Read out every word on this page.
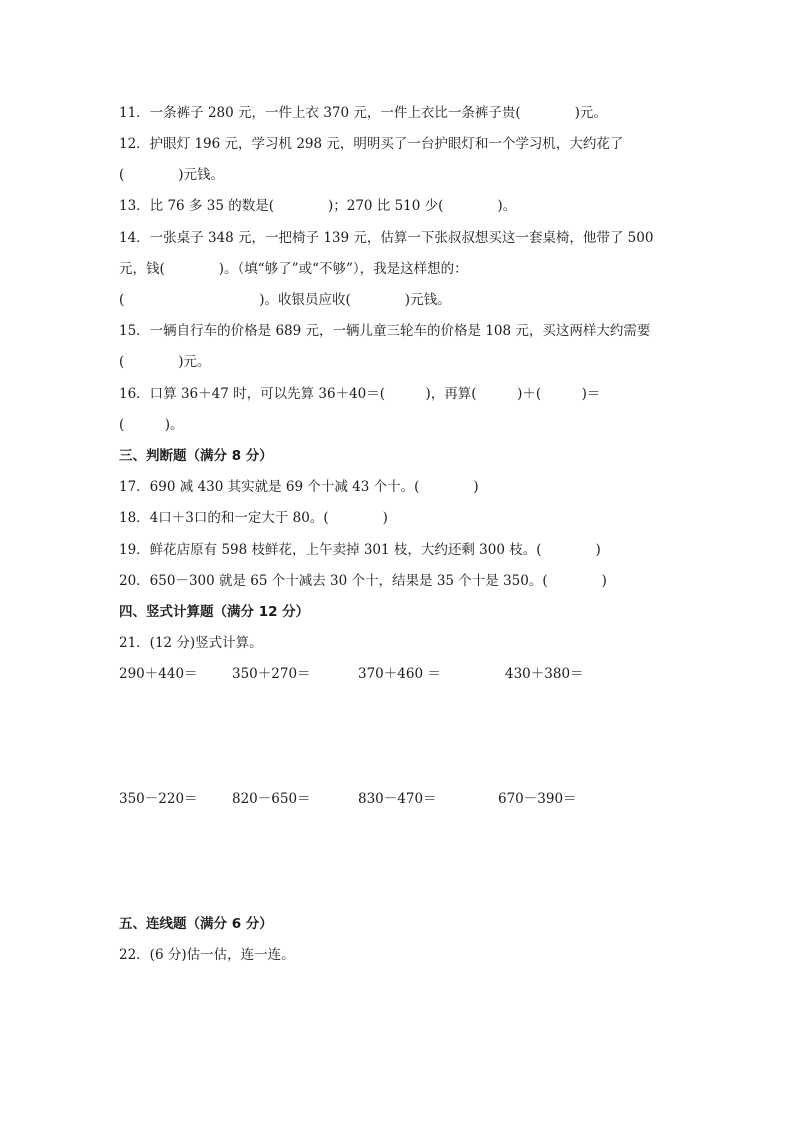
11．一条裤子 280 元，一件上衣 370 元，一件上衣比一条裤子贵(　　　　)元。
12．护眼灯 196 元，学习机 298 元，明明买了一台护眼灯和一个学习机，大约花了
(　　　　)元钱。
13．比 76 多 35 的数是(　　　　)；270 比 510 少(　　　　)。
14．一张桌子 348 元，一把椅子 139 元，估算一下张叔叔想买这一套桌椅，他带了 500
元，钱(　　　　)。（填“够了”或“不够”），我是这样想的：
(　　　　　　　　　　)。收银员应收(　　　　)元钱。
15．一辆自行车的价格是 689 元，一辆儿童三轮车的价格是 108 元，买这两样大约需要
(　　　　)元。
16．口算 36＋47 时，可以先算 36＋40＝(　　　)，再算(　　　)＋(　　　)＝
(　　　)。
三、判断题（满分 8 分）
17．690 减 430 其实就是 69 个十减 43 个十。(　　　　)
18．4口＋3口的和一定大于 80。(　　　　)
19．鲜花店原有 598 枝鲜花，上午卖掉 301 枝，大约还剩 300 枝。(　　　　)
20．650－300 就是 65 个十减去 30 个十，结果是 35 个十是 350。(　　　　)
四、竖式计算题（满分 12 分）
21．(12 分)竖式计算。
290＋440＝	350＋270＝	370＋460 ＝	430＋380＝
350－220＝	820－650＝	830－470＝	670－390＝
五、连线题（满分 6 分）
22．(6 分)估一估，连一连。
